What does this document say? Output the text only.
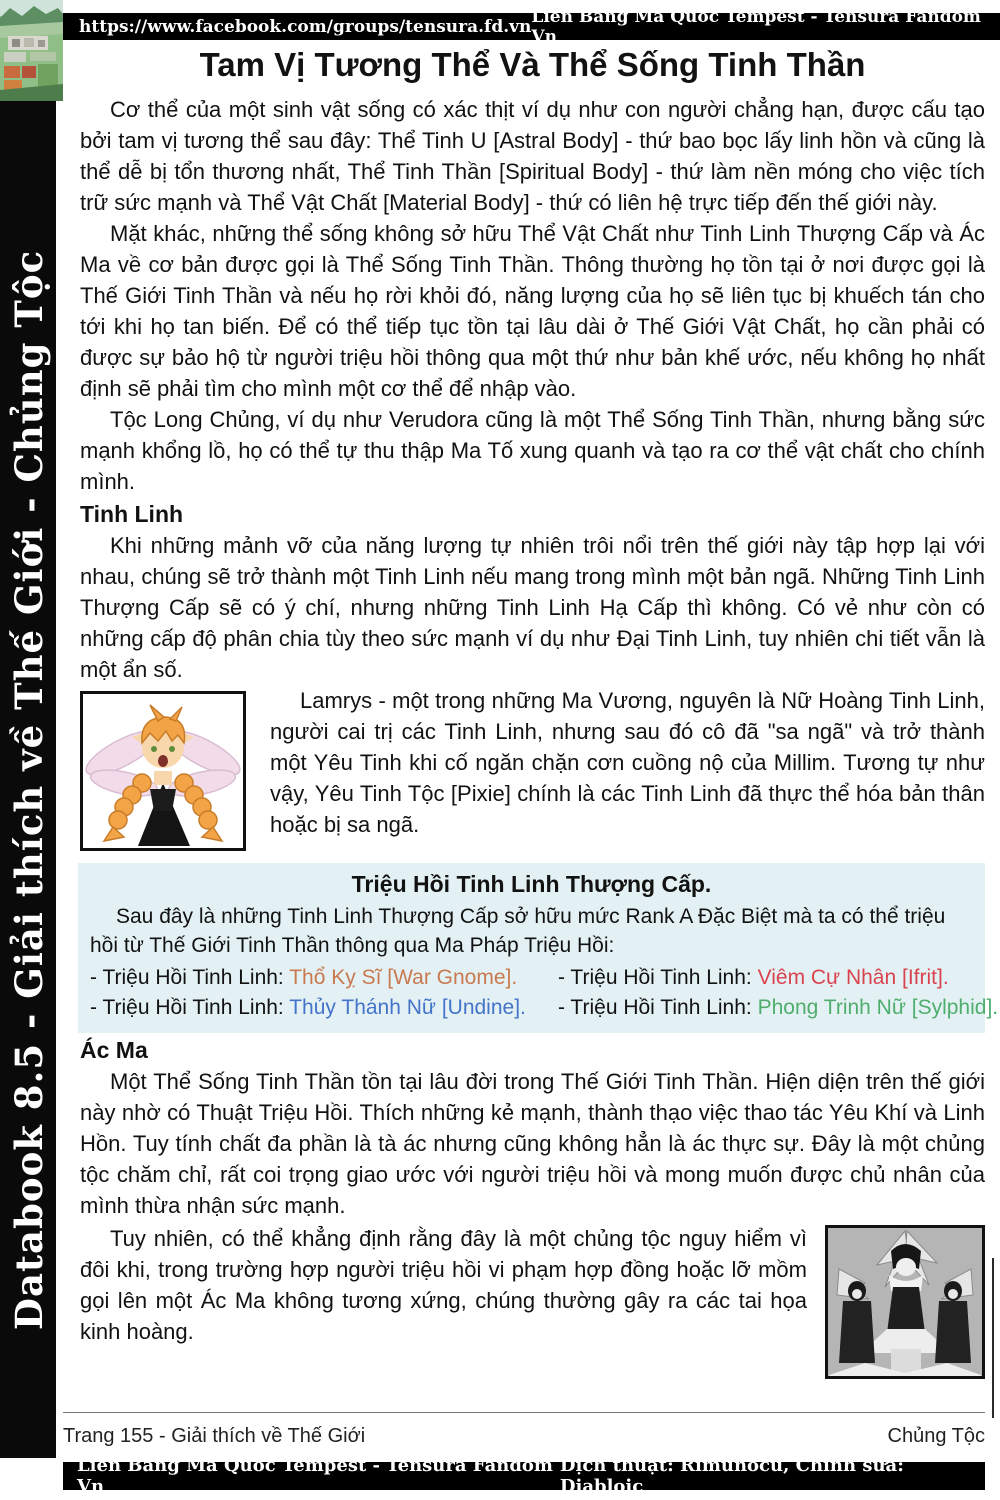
Databook 8.5 - Giải thích về Thế Giới - Chủng Tộc
https://www.facebook.com/groups/tensura.fd.vn Liên Bang Ma Quốc Tempest - Tensura Fandom Vn
Tam Vị Tương Thể Và Thể Sống Tinh Thần

Cơ thể của một sinh vật sống có xác thịt ví dụ như con người chẳng hạn, được cấu tạo bởi tam vị tương thể sau đây: Thể Tinh U [Astral Body] - thứ bao bọc lấy linh hồn và cũng là thể dễ bị tổn thương nhất, Thể Tinh Thần [Spiritual Body] - thứ làm nền móng cho việc tích trữ sức mạnh và Thể Vật Chất [Material Body] - thứ có liên hệ trực tiếp đến thế giới này.

Mặt khác, những thể sống không sở hữu Thể Vật Chất như Tinh Linh Thượng Cấp và Ác Ma về cơ bản được gọi là Thể Sống Tinh Thần. Thông thường họ tồn tại ở nơi được gọi là Thế Giới Tinh Thần và nếu họ rời khỏi đó, năng lượng của họ sẽ liên tục bị khuếch tán cho tới khi họ tan biến. Để có thể tiếp tục tồn tại lâu dài ở Thế Giới Vật Chất, họ cần phải có được sự bảo hộ từ người triệu hồi thông qua một thứ như bản khế ước, nếu không họ nhất định sẽ phải tìm cho mình một cơ thể để nhập vào.

Tộc Long Chủng, ví dụ như Verudora cũng là một Thể Sống Tinh Thần, nhưng bằng sức mạnh khổng lồ, họ có thể tự thu thập Ma Tố xung quanh và tạo ra cơ thể vật chất cho chính mình.

Tinh Linh

Khi những mảnh vỡ của năng lượng tự nhiên trôi nổi trên thế giới này tập hợp lại với nhau, chúng sẽ trở thành một Tinh Linh nếu mang trong mình một bản ngã. Những Tinh Linh Thượng Cấp sẽ có ý chí, nhưng những Tinh Linh Hạ Cấp thì không. Có vẻ như còn có những cấp độ phân chia tùy theo sức mạnh ví dụ như Đại Tinh Linh, tuy nhiên chi tiết vẫn là một ẩn số.

Lamrys - một trong những Ma Vương, nguyên là Nữ Hoàng Tinh Linh, người cai trị các Tinh Linh, nhưng sau đó cô đã "sa ngã" và trở thành một Yêu Tinh khi cố ngăn chặn cơn cuồng nộ của Millim. Tương tự như vậy, Yêu Tinh Tộc [Pixie] chính là các Tinh Linh đã thực thể hóa bản thân hoặc bị sa ngã.

Triệu Hồi Tinh Linh Thượng Cấp.

Sau đây là những Tinh Linh Thượng Cấp sở hữu mức Rank A Đặc Biệt mà ta có thể triệu hồi từ Thế Giới Tinh Thần thông qua Ma Pháp Triệu Hồi:

- Triệu Hồi Tinh Linh: Thổ Kỵ Sĩ [War Gnome].	- Triệu Hồi Tinh Linh: Viêm Cự Nhân [Ifrit].
- Triệu Hồi Tinh Linh: Thủy Thánh Nữ [Undine].	- Triệu Hồi Tinh Linh: Phong Trinh Nữ [Sylphid].
Ác Ma

Một Thể Sống Tinh Thần tồn tại lâu đời trong Thế Giới Tinh Thần. Hiện diện trên thế giới này nhờ có Thuật Triệu Hồi. Thích những kẻ mạnh, thành thạo việc thao tác Yêu Khí và Linh Hồn. Tuy tính chất đa phần là tà ác nhưng cũng không hẳn là ác thực sự. Đây là một chủng tộc chăm chỉ, rất coi trọng giao ước với người triệu hồi và mong muốn được chủ nhân của mình thừa nhận sức mạnh.

Tuy nhiên, có thể khẳng định rằng đây là một chủng tộc nguy hiểm vì đôi khi, trong trường hợp người triệu hồi vi phạm hợp đồng hoặc lỡ mồm gọi lên một Ác Ma không tương xứng, chúng thường gây ra các tai họa kinh hoàng.

Trang 155 - Giải thích về Thế Giới	Chủng Tộc
Liên Bang Ma Quốc Tempest - Tensura Fandom Vn
Dịch thuật: Rimunocu, Chỉnh sửa: Diabloic
